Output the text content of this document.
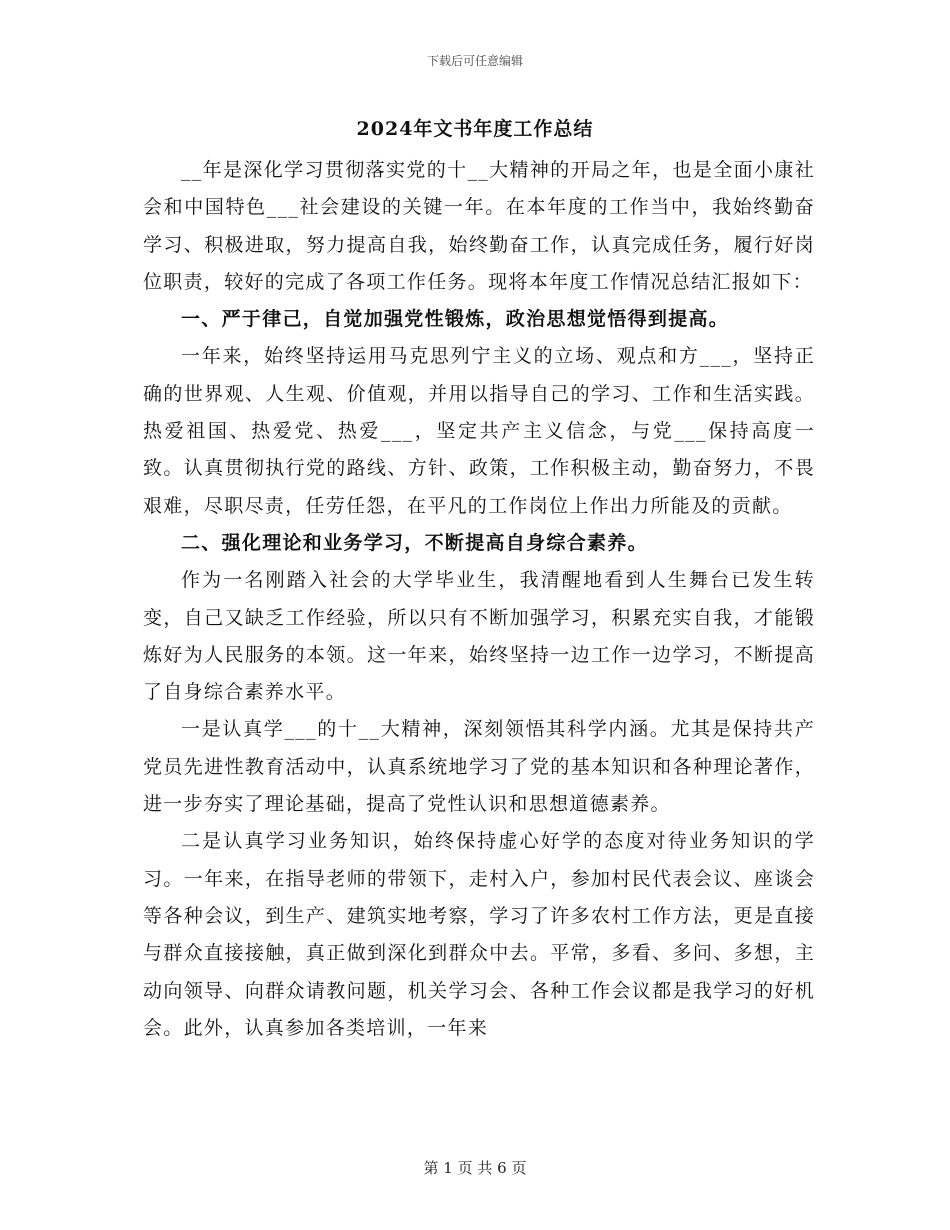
下载后可任意编辑
2024年文书年度工作总结

__年是深化学习贯彻落实党的十__大精神的开局之年，也是全面小康社会和中国特色___社会建设的关键一年。在本年度的工作当中，我始终勤奋学习、积极进取，努力提高自我，始终勤奋工作，认真完成任务，履行好岗位职责，较好的完成了各项工作任务。现将本年度工作情况总结汇报如下：

一、严于律己，自觉加强党性锻炼，政治思想觉悟得到提高。

一年来，始终坚持运用马克思列宁主义的立场、观点和方___，坚持正确的世界观、人生观、价值观，并用以指导自己的学习、工作和生活实践。热爱祖国、热爱党、热爱___，坚定共产主义信念，与党___保持高度一致。认真贯彻执行党的路线、方针、政策，工作积极主动，勤奋努力，不畏艰难，尽职尽责，任劳任怨，在平凡的工作岗位上作出力所能及的贡献。

二、强化理论和业务学习，不断提高自身综合素养。

作为一名刚踏入社会的大学毕业生，我清醒地看到人生舞台已发生转变，自己又缺乏工作经验，所以只有不断加强学习，积累充实自我，才能锻炼好为人民服务的本领。这一年来，始终坚持一边工作一边学习，不断提高了自身综合素养水平。

一是认真学___的十__大精神，深刻领悟其科学内涵。尤其是保持共产党员先进性教育活动中，认真系统地学习了党的基本知识和各种理论著作，进一步夯实了理论基础，提高了党性认识和思想道德素养。

二是认真学习业务知识，始终保持虚心好学的态度对待业务知识的学习。一年来，在指导老师的带领下，走村入户，参加村民代表会议、座谈会等各种会议，到生产、建筑实地考察，学习了许多农村工作方法，更是直接与群众直接接触，真正做到深化到群众中去。平常，多看、多问、多想，主动向领导、向群众请教问题，机关学习会、各种工作会议都是我学习的好机会。此外，认真参加各类培训，一年来

第 1 页 共 6 页
